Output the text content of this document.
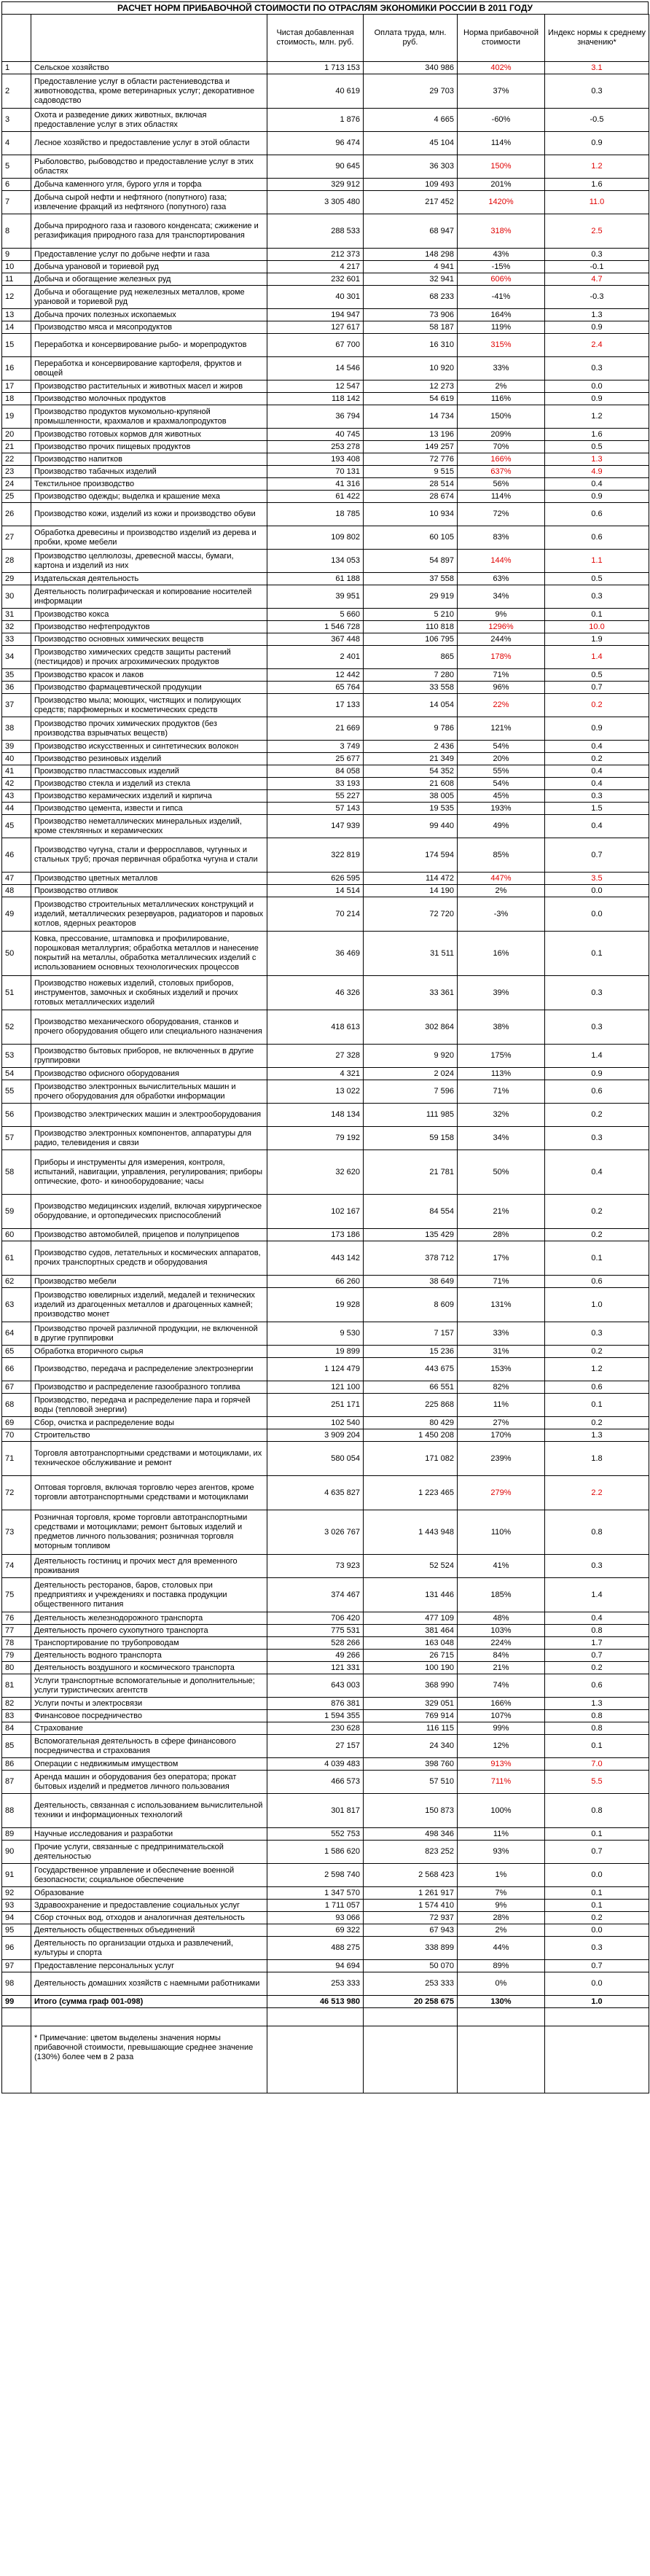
РАСЧЕТ НОРМ ПРИБАВОЧНОЙ СТОИМОСТИ ПО ОТРАСЛЯМ ЭКОНОМИКИ РОССИИ В 2011 ГОДУ
		Чистая добавленная стоимость, млн. руб.	Оплата труда, млн. руб.	Норма прибавочной стоимости	Индекс нормы к среднему значению*
1	Сельское хозяйство	1 713 153	340 986	402%	3.1
2	Предоставление услуг в области растениеводства и животноводства, кроме ветеринарных услуг; декоративное садоводство	40 619	29 703	37%	0.3
3	Охота и разведение диких животных, включая предоставление услуг в этих областях	1 876	4 665	-60%	-0.5
4	Лесное хозяйство и предоставление услуг в этой области	96 474	45 104	114%	0.9
5	Рыболовство, рыбоводство и предоставление услуг в этих областях	90 645	36 303	150%	1.2
6	Добыча каменного угля, бурого угля и торфа	329 912	109 493	201%	1.6
7	Добыча сырой нефти и нефтяного (попутного) газа; извлечение фракций из нефтяного (попутного) газа	3 305 480	217 452	1420%	11.0
8	Добыча природного газа и газового конденсата; сжижение и регазификация природного газа для транспортирования	288 533	68 947	318%	2.5
9	Предоставление услуг по добыче нефти и газа	212 373	148 298	43%	0.3
10	Добыча урановой и ториевой руд	4 217	4 941	-15%	-0.1
11	Добыча и обогащение железных руд	232 601	32 941	606%	4.7
12	Добыча и обогащение руд нежелезных металлов, кроме урановой и ториевой руд	40 301	68 233	-41%	-0.3
13	Добыча прочих полезных ископаемых	194 947	73 906	164%	1.3
14	Производство мяса и мясопродуктов	127 617	58 187	119%	0.9
15	Переработка и консервирование рыбо- и морепродуктов	67 700	16 310	315%	2.4
16	Переработка и консервирование картофеля, фруктов и овощей	14 546	10 920	33%	0.3
17	Производство растительных и животных масел и жиров	12 547	12 273	2%	0.0
18	Производство молочных продуктов	118 142	54 619	116%	0.9
19	Производство продуктов мукомольно-крупяной промышленности, крахмалов и крахмалопродуктов	36 794	14 734	150%	1.2
20	Производство готовых кормов для животных	40 745	13 196	209%	1.6
21	Производство прочих пищевых продуктов	253 278	149 257	70%	0.5
22	Производство напитков	193 408	72 776	166%	1.3
23	Производство табачных изделий	70 131	9 515	637%	4.9
24	Текстильное производство	41 316	28 514	56%	0.4
25	Производство одежды; выделка и крашение меха	61 422	28 674	114%	0.9
26	Производство кожи, изделий из кожи и производство обуви	18 785	10 934	72%	0.6
27	Обработка древесины и производство изделий из дерева и пробки, кроме мебели	109 802	60 105	83%	0.6
28	Производство целлюлозы, древесной массы, бумаги, картона и изделий из них	134 053	54 897	144%	1.1
29	Издательская деятельность	61 188	37 558	63%	0.5
30	Деятельность полиграфическая и копирование носителей информации	39 951	29 919	34%	0.3
31	Производство кокса	5 660	5 210	9%	0.1
32	Производство нефтепродуктов	1 546 728	110 818	1296%	10.0
33	Производство основных химических веществ	367 448	106 795	244%	1.9
34	Производство химических средств защиты растений (пестицидов) и прочих агрохимических продуктов	2 401	865	178%	1.4
35	Производство красок и лаков	12 442	7 280	71%	0.5
36	Производство фармацевтической продукции	65 764	33 558	96%	0.7
37	Производство мыла; моющих, чистящих и полирующих средств; парфюмерных и косметических средств	17 133	14 054	22%	0.2
38	Производство прочих химических продуктов (без производства взрывчатых веществ)	21 669	9 786	121%	0.9
39	Производство искусственных и синтетических волокон	3 749	2 436	54%	0.4
40	Производство резиновых изделий	25 677	21 349	20%	0.2
41	Производство пластмассовых изделий	84 058	54 352	55%	0.4
42	Производство стекла и изделий из стекла	33 193	21 608	54%	0.4
43	Производство керамических изделий и кирпича	55 227	38 005	45%	0.3
44	Производство цемента, извести и гипса	57 143	19 535	193%	1.5
45	Производство неметаллических минеральных изделий, кроме стеклянных и керамических	147 939	99 440	49%	0.4
46	Производство чугуна, стали и ферросплавов, чугунных и стальных труб; прочая первичная обработка чугуна и стали	322 819	174 594	85%	0.7
47	Производство цветных металлов	626 595	114 472	447%	3.5
48	Производство отливок	14 514	14 190	2%	0.0
49	Производство строительных металлических конструкций и изделий, металлических резервуаров, радиаторов и паровых котлов, ядерных реакторов	70 214	72 720	-3%	0.0
50	Ковка, прессование, штамповка и профилирование, порошковая металлургия; обработка металлов и нанесение покрытий на металлы, обработка металлических изделий с использованием основных технологических процессов	36 469	31 511	16%	0.1
51	Производство ножевых изделий, столовых приборов, инструментов, замочных и скобяных изделий и прочих готовых металлических изделий	46 326	33 361	39%	0.3
52	Производство механического оборудования, станков и прочего оборудования общего или специального назначения	418 613	302 864	38%	0.3
53	Производство бытовых приборов, не включенных в другие группировки	27 328	9 920	175%	1.4
54	Производство офисного оборудования	4 321	2 024	113%	0.9
55	Производство электронных вычислительных машин и прочего оборудования для обработки информации	13 022	7 596	71%	0.6
56	Производство электрических машин и электрооборудования	148 134	111 985	32%	0.2
57	Производство электронных компонентов, аппаратуры для радио, телевидения и связи	79 192	59 158	34%	0.3
58	Приборы и инструменты для измерения, контроля, испытаний, навигации, управления, регулирования; приборы оптические, фото- и кинооборудование; часы	32 620	21 781	50%	0.4
59	Производство медицинских изделий, включая хирургическое оборудование, и ортопедических приспособлений	102 167	84 554	21%	0.2
60	Производство автомобилей, прицепов и полуприцепов	173 186	135 429	28%	0.2
61	Производство судов, летательных и космических аппаратов, прочих транспортных средств и оборудования	443 142	378 712	17%	0.1
62	Производство мебели	66 260	38 649	71%	0.6
63	Производство ювелирных изделий, медалей и технических изделий из драгоценных металлов и драгоценных камней; производство монет	19 928	8 609	131%	1.0
64	Производство прочей различной продукции, не включенной в другие группировки	9 530	7 157	33%	0.3
65	Обработка вторичного сырья	19 899	15 236	31%	0.2
66	Производство, передача и распределение электроэнергии	1 124 479	443 675	153%	1.2
67	Производство и распределение газообразного топлива	121 100	66 551	82%	0.6
68	Производство, передача и распределение пара и горячей воды (тепловой энергии)	251 171	225 868	11%	0.1
69	Сбор, очистка и распределение воды	102 540	80 429	27%	0.2
70	Строительство	3 909 204	1 450 208	170%	1.3
71	Торговля автотранспортными средствами и мотоциклами, их техническое обслуживание и ремонт	580 054	171 082	239%	1.8
72	Оптовая торговля, включая торговлю через агентов, кроме торговли автотранспортными средствами и мотоциклами	4 635 827	1 223 465	279%	2.2
73	Розничная торговля, кроме торговли автотранспортными средствами и мотоциклами; ремонт бытовых изделий и предметов личного пользования; розничная торговля моторным топливом	3 026 767	1 443 948	110%	0.8
74	Деятельность гостиниц и прочих мест для временного проживания	73 923	52 524	41%	0.3
75	Деятельность ресторанов, баров, столовых при предприятиях и учреждениях и поставка продукции общественного питания	374 467	131 446	185%	1.4
76	Деятельность железнодорожного транспорта	706 420	477 109	48%	0.4
77	Деятельность прочего сухопутного транспорта	775 531	381 464	103%	0.8
78	Транспортирование по трубопроводам	528 266	163 048	224%	1.7
79	Деятельность водного транспорта	49 266	26 715	84%	0.7
80	Деятельность воздушного и космического транспорта	121 331	100 190	21%	0.2
81	Услуги транспортные вспомогательные и дополнительные; услуги туристических агентств	643 003	368 990	74%	0.6
82	Услуги почты и электросвязи	876 381	329 051	166%	1.3
83	Финансовое посредничество	1 594 355	769 914	107%	0.8
84	Страхование	230 628	116 115	99%	0.8
85	Вспомогательная деятельность в сфере финансового посредничества и страхования	27 157	24 340	12%	0.1
86	Операции с недвижимым имуществом	4 039 483	398 760	913%	7.0
87	Аренда машин и оборудования без оператора; прокат бытовых изделий и предметов личного пользования	466 573	57 510	711%	5.5
88	Деятельность, связанная с использованием вычислительной техники и информационных технологий	301 817	150 873	100%	0.8
89	Научные исследования и разработки	552 753	498 346	11%	0.1
90	Прочие услуги, связанные с предпринимательской деятельностью	1 586 620	823 252	93%	0.7
91	Государственное управление и обеспечение военной безопасности; социальное обеспечение	2 598 740	2 568 423	1%	0.0
92	Образование	1 347 570	1 261 917	7%	0.1
93	Здравоохранение и предоставление социальных услуг	1 711 057	1 574 410	9%	0.1
94	Сбор сточных вод, отходов и аналогичная деятельность	93 066	72 937	28%	0.2
95	Деятельность общественных объединений	69 322	67 943	2%	0.0
96	Деятельность по организации отдыха и развлечений, культуры и спорта	488 275	338 899	44%	0.3
97	Предоставление персональных услуг	94 694	50 070	89%	0.7
98	Деятельность домашних хозяйств с наемными работниками	253 333	253 333	0%	0.0
99	Итого (сумма граф 001-098)	46 513 980	20 258 675	130%	1.0

	* Примечание: цветом выделены значения нормы прибавочной стоимости, превышающие среднее значение (130%) более чем в 2 раза				
